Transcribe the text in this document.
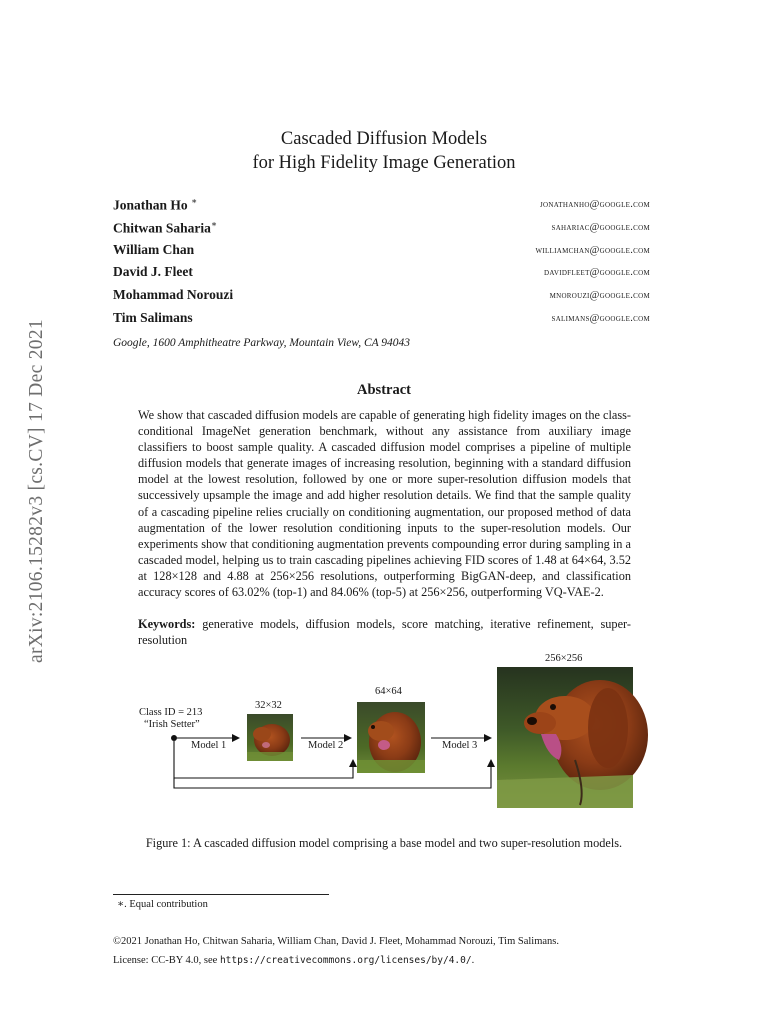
arXiv:2106.15282v3 [cs.CV] 17 Dec 2021
Cascaded Diffusion Models
for High Fidelity Image Generation
Jonathan Ho ∗	jonathanho@google.com
Chitwan Saharia∗	sahariac@google.com
William Chan	williamchan@google.com
David J. Fleet	davidfleet@google.com
Mohammad Norouzi	mnorouzi@google.com
Tim Salimans	salimans@google.com
Google, 1600 Amphitheatre Parkway, Mountain View, CA 94043
Abstract
We show that cascaded diffusion models are capable of generating high fidelity images on the class-conditional ImageNet generation benchmark, without any assistance from auxiliary image classifiers to boost sample quality. A cascaded diffusion model comprises a pipeline of multiple diffusion models that generate images of increasing resolution, beginning with a standard diffusion model at the lowest resolution, followed by one or more super-resolution diffusion models that successively upsample the image and add higher resolution details. We find that the sample quality of a cascading pipeline relies crucially on conditioning augmentation, our proposed method of data augmentation of the lower resolution conditioning inputs to the super-resolution models. Our experiments show that conditioning augmentation prevents compounding error during sampling in a cascaded model, helping us to train cascading pipelines achieving FID scores of 1.48 at 64×64, 3.52 at 128×128 and 4.88 at 256×256 resolutions, outperforming BigGAN-deep, and classification accuracy scores of 63.02% (top-1) and 84.06% (top-5) at 256×256, outperforming VQ-VAE-2.
Keywords: generative models, diffusion models, score matching, iterative refinement, super-resolution
Class ID = 213
“Irish Setter”
32×32
64×64
256×256
Model 1	Model 2	Model 3
Figure 1: A cascaded diffusion model comprising a base model and two super-resolution models.
∗. Equal contribution
©2021 Jonathan Ho, Chitwan Saharia, William Chan, David J. Fleet, Mohammad Norouzi, Tim Salimans.
License: CC-BY 4.0, see https://creativecommons.org/licenses/by/4.0/.
